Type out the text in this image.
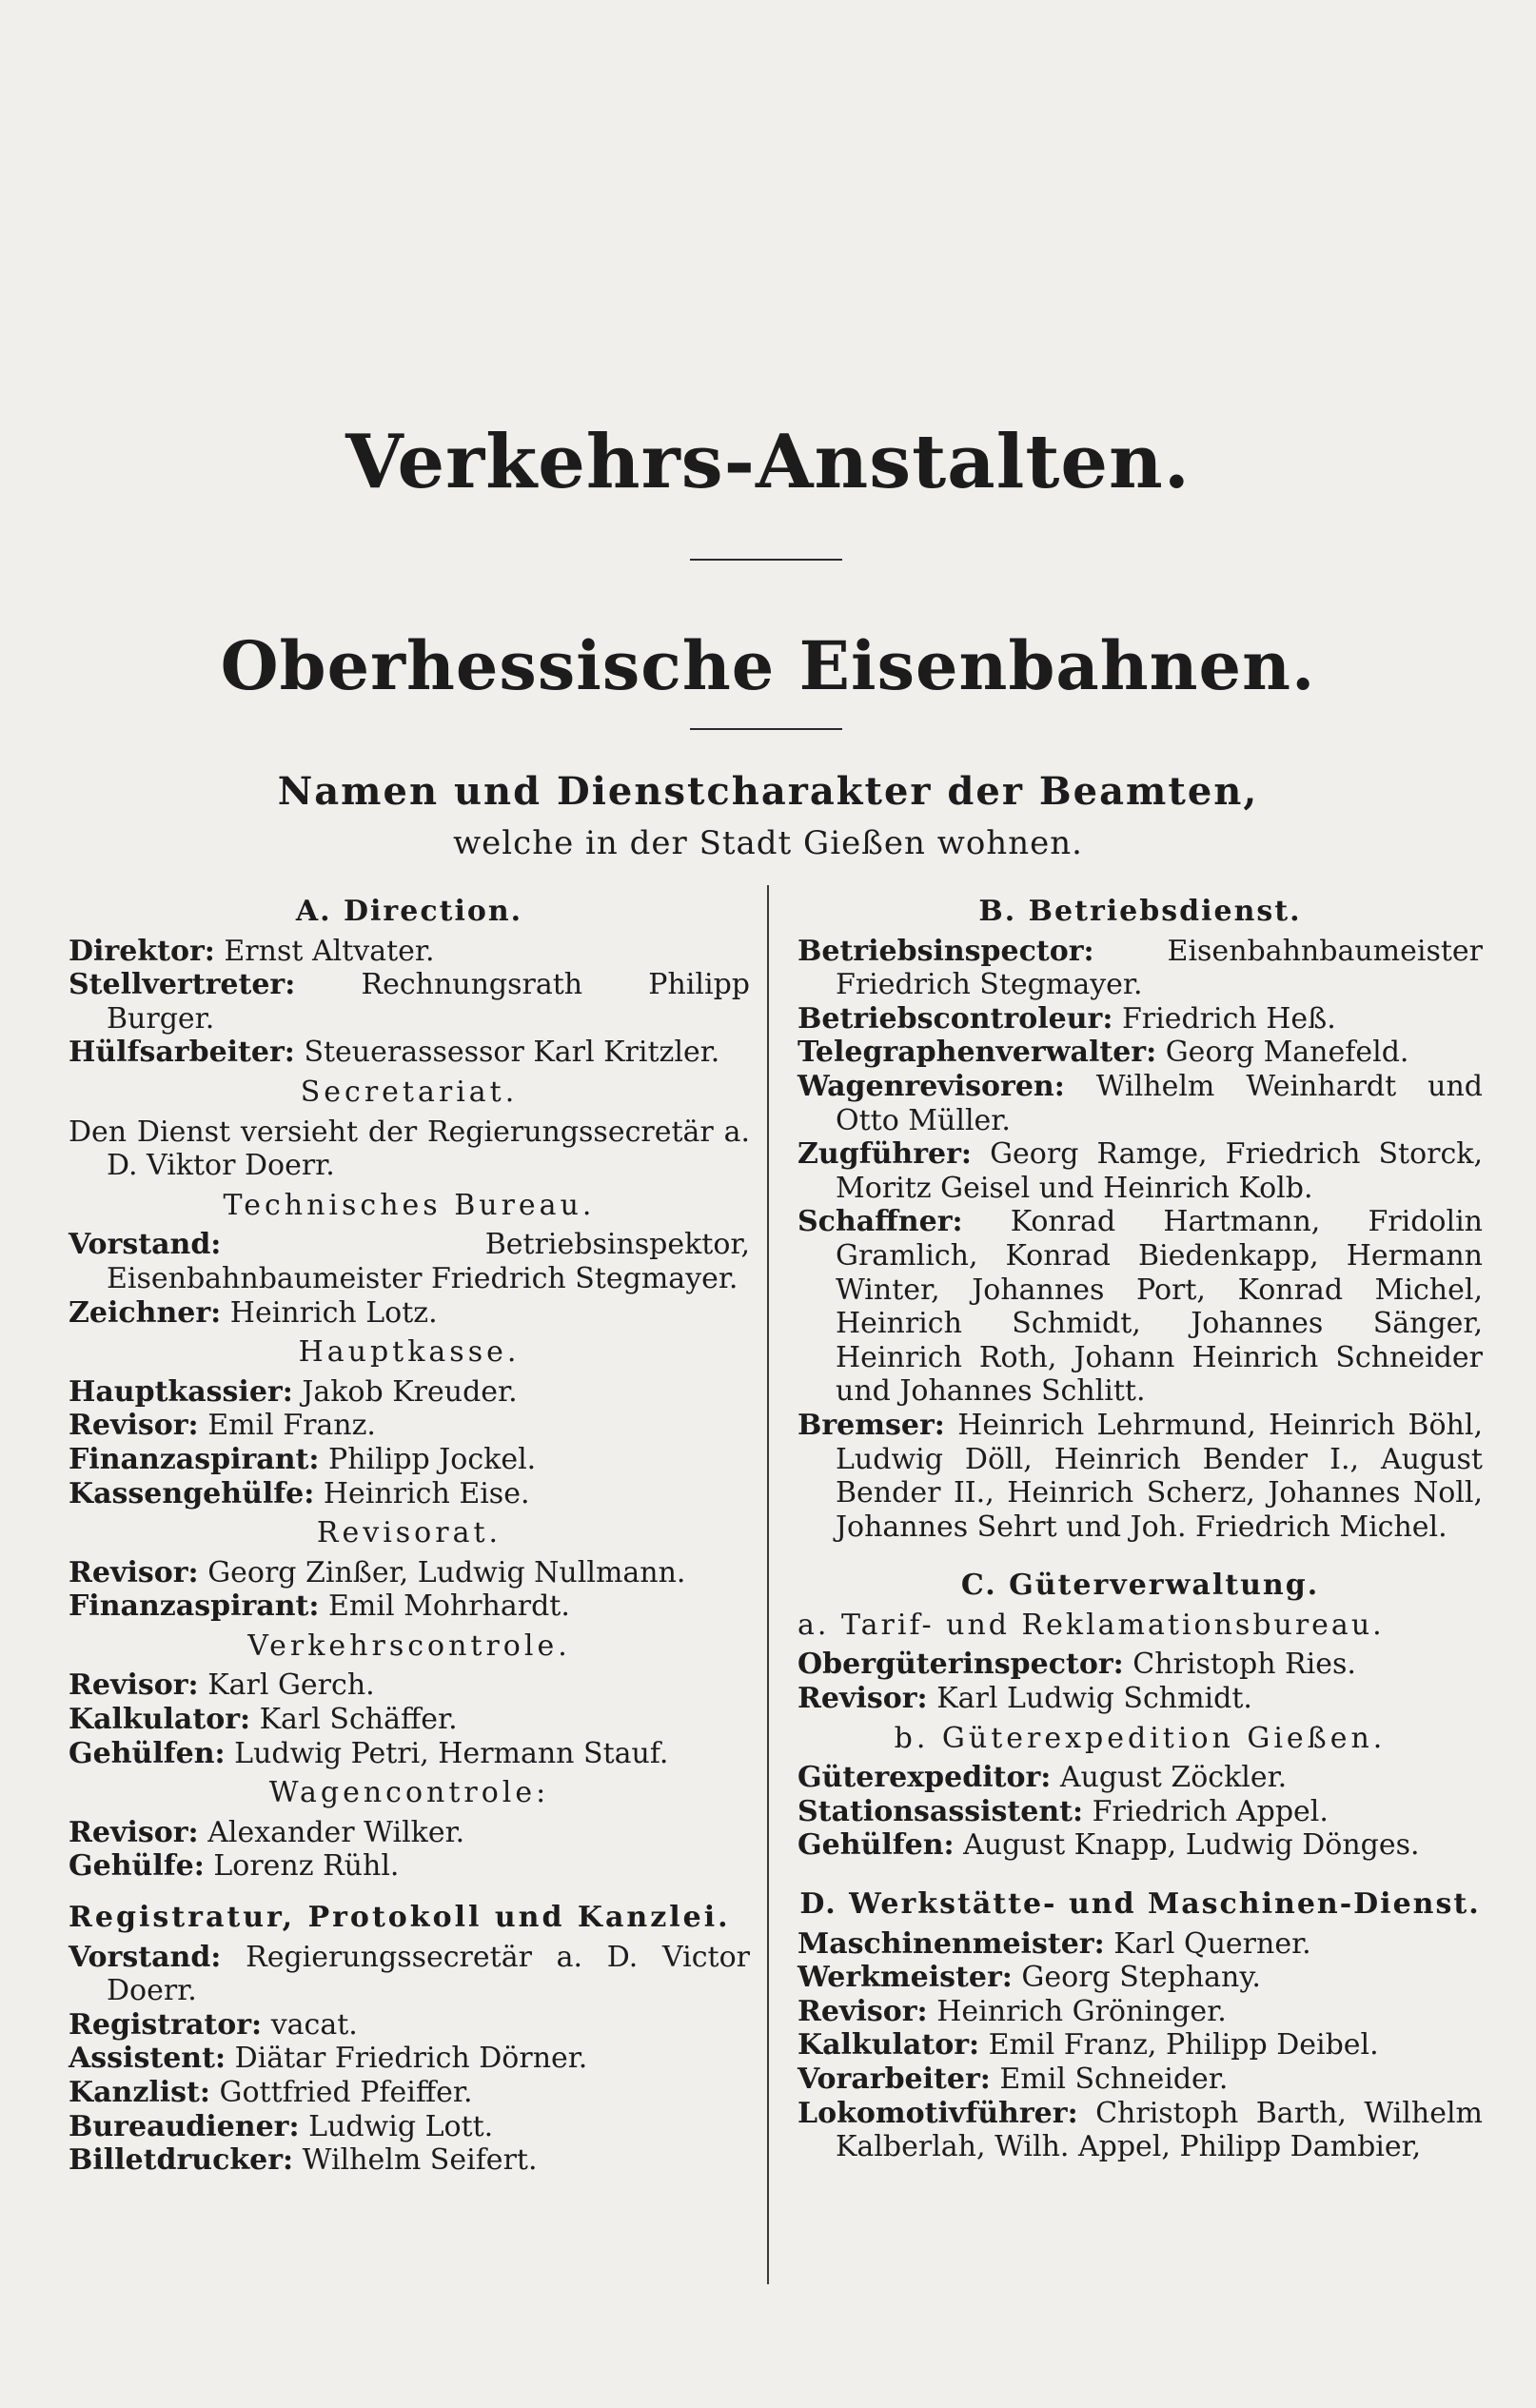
Verkehrs-Anstalten.
Oberhessische Eisenbahnen.
Namen und Dienstcharakter der Beamten,
welche in der Stadt Gießen wohnen.
A. Direction.

Direktor: Ernst Altvater.

Stellvertreter: Rechnungsrath Philipp Burger.

Hülfsarbeiter: Steuerassessor Karl Kritzler.

Secretariat.

Den Dienst versieht der Regierungssecretär a. D. Viktor Doerr.

Technisches Bureau.

Vorstand:	Betriebsinspektor, Eisenbahnbaumeister Friedrich Stegmayer.

Zeichner: Heinrich Lotz.

Hauptkasse.

Hauptkassier: Jakob Kreuder.

Revisor: Emil Franz.

Finanzaspirant: Philipp Jockel.

Kassengehülfe: Heinrich Eise.

Revisorat.

Revisor: Georg Zinßer, Ludwig Nullmann.

Finanzaspirant: Emil Mohrhardt.

Verkehrscontrole.

Revisor: Karl Gerch.

Kalkulator: Karl Schäffer.

Gehülfen: Ludwig Petri, Hermann Stauf.

Wagencontrole:

Revisor: Alexander Wilker.

Gehülfe: Lorenz Rühl.

Registratur, Protokoll und Kanzlei.

Vorstand: Regierungssecretär a. D. Victor Doerr.

Registrator: vacat.

Assistent: Diätar Friedrich Dörner.

Kanzlist: Gottfried Pfeiffer.

Bureaudiener: Ludwig Lott.

Billetdrucker: Wilhelm Seifert.

B. Betriebsdienst.

Betriebsinspector:	Eisenbahnbaumeister Friedrich Stegmayer.

Betriebscontroleur: Friedrich Heß.

Telegraphenverwalter: Georg Manefeld.

Wagenrevisoren: Wilhelm Weinhardt und Otto Müller.

Zugführer: Georg Ramge, Friedrich Storck, Moritz Geisel und Heinrich Kolb.

Schaffner: Konrad Hartmann, Fridolin Gramlich, Konrad Biedenkapp, Hermann Winter, Johannes Port, Konrad Michel, Heinrich Schmidt, Johannes Sänger, Heinrich Roth, Johann Heinrich Schneider und Johannes Schlitt.

Bremser: Heinrich Lehrmund, Heinrich Böhl, Ludwig Döll, Heinrich Bender I., August Bender II., Heinrich Scherz, Johannes Noll, Johannes Sehrt und Joh. Friedrich Michel.

C. Güterverwaltung.
a. Tarif- und Reklamationsbureau.

Obergüterinspector: Christoph Ries.

Revisor: Karl Ludwig Schmidt.

b. Güterexpedition Gießen.

Güterexpeditor: August Zöckler.

Stationsassistent: Friedrich Appel.

Gehülfen: August Knapp, Ludwig Dönges.

D. Werkstätte- und Maschinen-Dienst.

Maschinenmeister: Karl Querner.

Werkmeister: Georg Stephany.

Revisor: Heinrich Gröninger.

Kalkulator: Emil Franz, Philipp Deibel.

Vorarbeiter: Emil Schneider.

Lokomotivführer: Christoph Barth, Wilhelm Kalberlah, Wilh. Appel, Philipp Dambier,
